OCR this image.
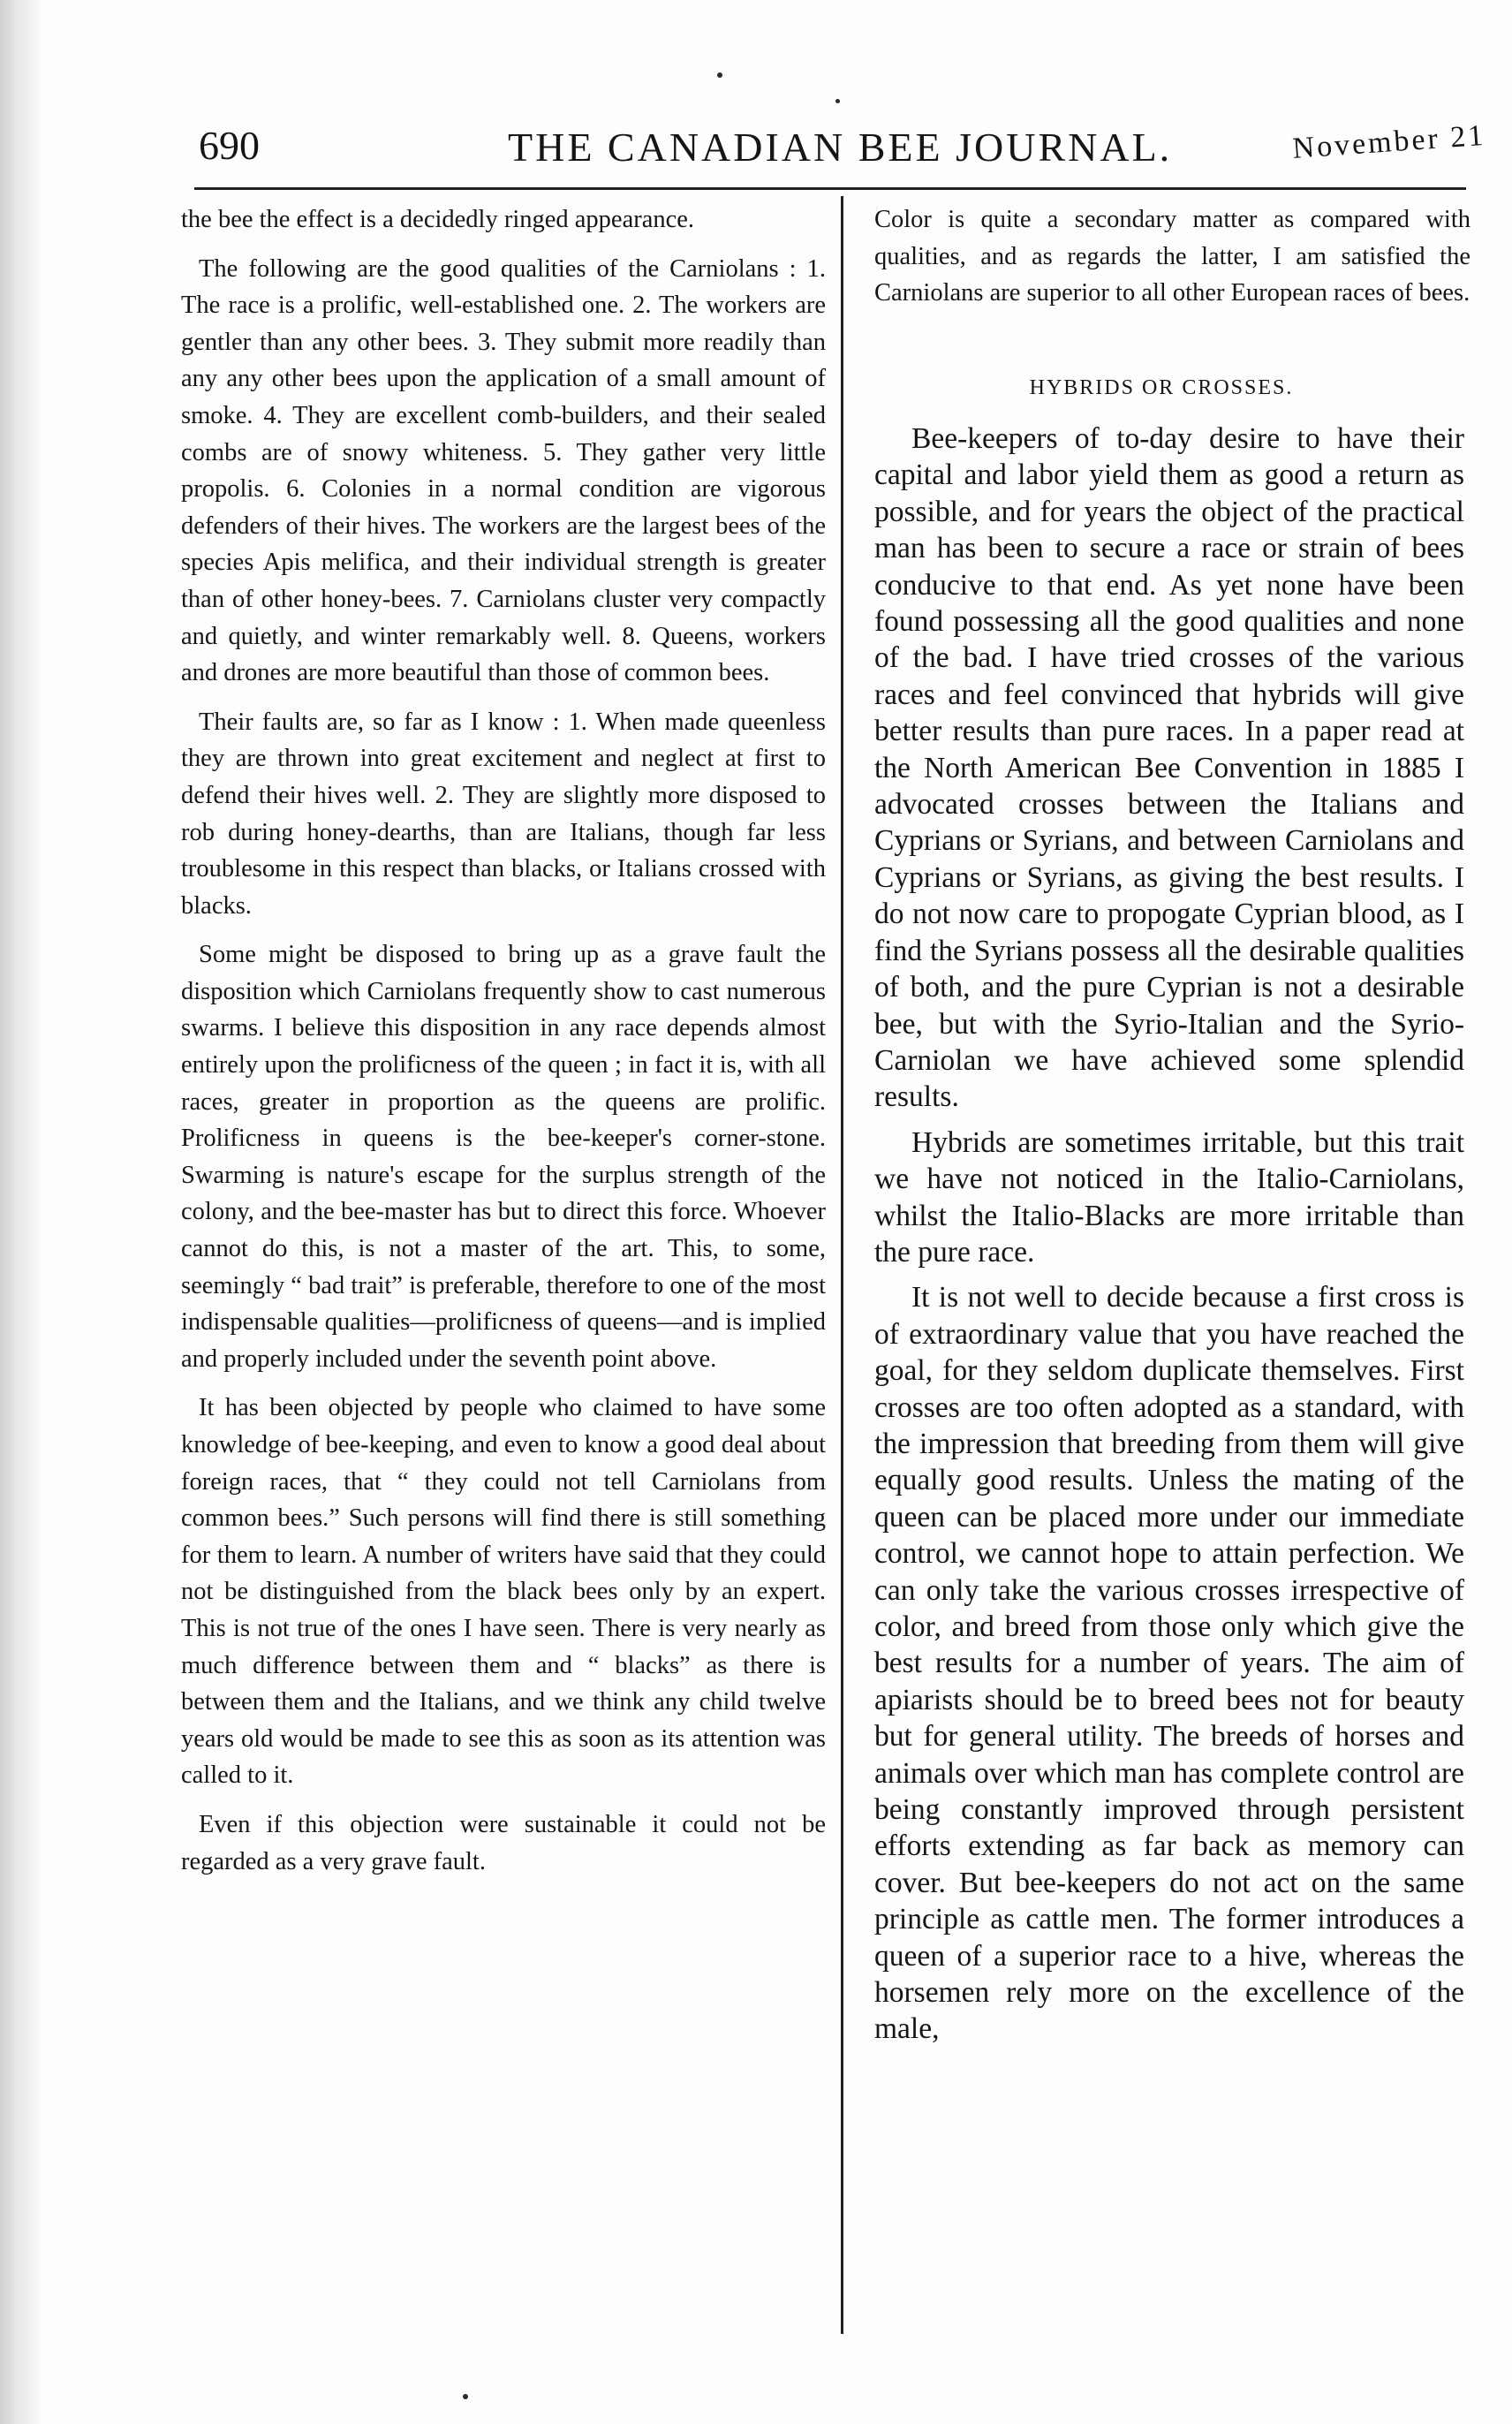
690	THE CANADIAN BEE JOURNAL.	November 21

the bee the effect is a decidedly ringed appearance.

The following are the good qualities of the Carniolans : 1. The race is a prolific, well-established one. 2. The workers are gentler than any other bees. 3. They submit more readily than any any other bees upon the application of a small amount of smoke. 4. They are excellent comb-builders, and their sealed combs are of snowy whiteness. 5. They gather very little propolis. 6. Colonies in a normal condition are vigorous defenders of their hives. The workers are the largest bees of the species Apis melifica, and their individual strength is greater than of other honey-bees. 7. Carniolans cluster very compactly and quietly, and winter remarkably well. 8. Queens, workers and drones are more beautiful than those of common bees.

Their faults are, so far as I know : 1. When made queenless they are thrown into great excitement and neglect at first to defend their hives well. 2. They are slightly more disposed to rob during honey-dearths, than are Italians, though far less troublesome in this respect than blacks, or Italians crossed with blacks.

Some might be disposed to bring up as a grave fault the disposition which Carniolans frequently show to cast numerous swarms. I believe this disposition in any race depends almost entirely upon the prolificness of the queen ; in fact it is, with all races, greater in proportion as the queens are prolific. Prolificness in queens is the bee-keeper's corner-stone. Swarming is nature's escape for the surplus strength of the colony, and the bee-master has but to direct this force. Whoever cannot do this, is not a master of the art. This, to some, seemingly “ bad trait” is preferable, therefore to one of the most indispensable qualities—prolificness of queens—and is implied and properly included under the seventh point above.

It has been objected by people who claimed to have some knowledge of bee-keeping, and even to know a good deal about foreign races, that “ they could not tell Carniolans from common bees.” Such persons will find there is still something for them to learn. A number of writers have said that they could not be distinguished from the black bees only by an expert. This is not true of the ones I have seen. There is very nearly as much difference between them and “ blacks” as there is between them and the Italians, and we think any child twelve years old would be made to see this as soon as its attention was called to it.

Even if this objection were sustainable it could not be regarded as a very grave fault.

Color is quite a secondary matter as compared with qualities, and as regards the latter, I am satisfied the Carniolans are superior to all other European races of bees.

HYBRIDS OR CROSSES.

Bee-keepers of to-day desire to have their capital and labor yield them as good a return as possible, and for years the object of the practical man has been to secure a race or strain of bees conducive to that end. As yet none have been found possessing all the good qualities and none of the bad. I have tried crosses of the various races and feel convinced that hybrids will give better results than pure races. In a paper read at the North American Bee Convention in 1885 I advocated crosses between the Italians and Cyprians or Syrians, and between Carniolans and Cyprians or Syrians, as giving the best results. I do not now care to propogate Cyprian blood, as I find the Syrians possess all the desirable qualities of both, and the pure Cyprian is not a desirable bee, but with the Syrio-Italian and the Syrio-Carniolan we have achieved some splendid results.

Hybrids are sometimes irritable, but this trait we have not noticed in the Italio-Carniolans, whilst the Italio-Blacks are more irritable than the pure race.

It is not well to decide because a first cross is of extraordinary value that you have reached the goal, for they seldom duplicate themselves. First crosses are too often adopted as a standard, with the impression that breeding from them will give equally good results. Unless the mating of the queen can be placed more under our immediate control, we cannot hope to attain perfection. We can only take the various crosses irrespective of color, and breed from those only which give the best results for a number of years. The aim of apiarists should be to breed bees not for beauty but for general utility. The breeds of horses and animals over which man has complete control are being constantly improved through persistent efforts extending as far back as memory can cover. But bee-keepers do not act on the same principle as cattle men. The former introduces a queen of a superior race to a hive, whereas the horsemen rely more on the excellence of the male,
